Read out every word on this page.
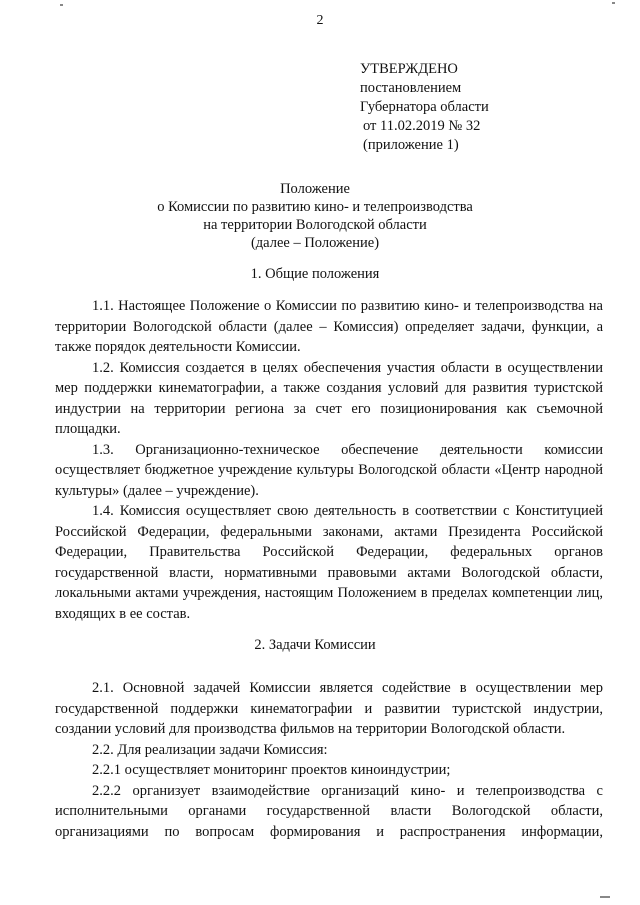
2
УТВЕРЖДЕНО
постановлением
Губернатора области
от 11.02.2019 № 32
(приложение 1)
Положение
о Комиссии по развитию кино- и телепроизводства
на территории Вологодской области
(далее – Положение)
1. Общие положения

1.1. Настоящее Положение о Комиссии по развитию кино- и телепроизводства на территории Вологодской области (далее – Комиссия) определяет задачи, функции, а также порядок деятельности Комиссии.

1.2. Комиссия создается в целях обеспечения участия области в осуществлении мер поддержки кинематографии, а также создания условий для развития туристской индустрии на территории региона за счет его позиционирования как съемочной площадки.

1.3. Организационно-техническое обеспечение деятельности комиссии осуществляет бюджетное учреждение культуры Вологодской области «Центр народной культуры» (далее – учреждение).

1.4. Комиссия осуществляет свою деятельность в соответствии с Конституцией Российской Федерации, федеральными законами, актами Президента Российской Федерации, Правительства Российской Федерации, федеральных органов государственной власти, нормативными правовыми актами Вологодской области, локальными актами учреждения, настоящим Положением в пределах компетенции лиц, входящих в ее состав.

2. Задачи Комиссии

2.1. Основной задачей Комиссии является содействие в осуществлении мер государственной поддержки кинематографии и развитии туристской индустрии, создании условий для производства фильмов на территории Вологодской области.

2.2. Для реализации задачи Комиссия:

2.2.1 осуществляет мониторинг проектов киноиндустрии;

2.2.2 организует взаимодействие организаций кино- и телепроизводства с исполнительными органами государственной власти Вологодской области, организациями по вопросам формирования и распространения информации,
